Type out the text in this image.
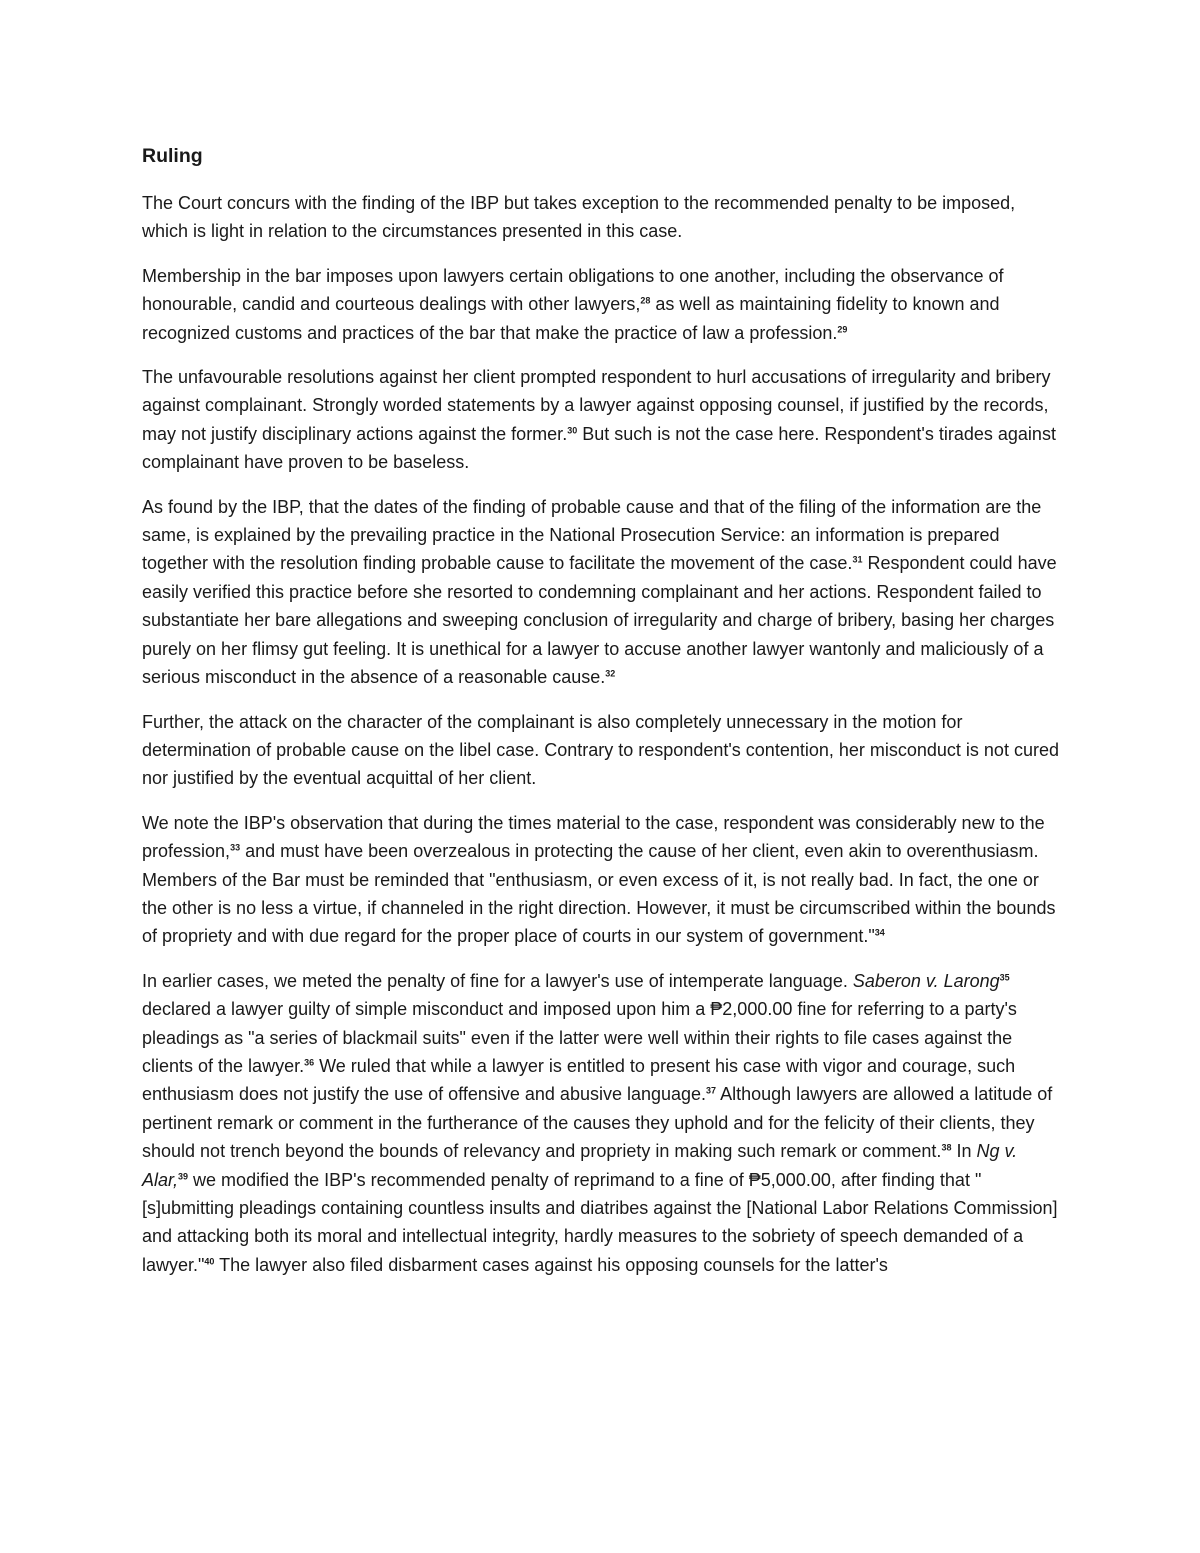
Ruling

The Court concurs with the finding of the IBP but takes exception to the recommended penalty to be imposed, which is light in relation to the circumstances presented in this case.

Membership in the bar imposes upon lawyers certain obligations to one another, including the observance of honourable, candid and courteous dealings with other lawyers,$^{28}$ as well as maintaining fidelity to known and recognized customs and practices of the bar that make the practice of law a profession.$^{29}$

The unfavourable resolutions against her client prompted respondent to hurl accusations of irregularity and bribery against complainant. Strongly worded statements by a lawyer against opposing counsel, if justified by the records, may not justify disciplinary actions against the former.$^{30}$ But such is not the case here. Respondent's tirades against complainant have proven to be baseless.

As found by the IBP, that the dates of the finding of probable cause and that of the filing of the information are the same, is explained by the prevailing practice in the National Prosecution Service: an information is prepared together with the resolution finding probable cause to facilitate the movement of the case.$^{31}$ Respondent could have easily verified this practice before she resorted to condemning complainant and her actions. Respondent failed to substantiate her bare allegations and sweeping conclusion of irregularity and charge of bribery, basing her charges purely on her flimsy gut feeling. It is unethical for a lawyer to accuse another lawyer wantonly and maliciously of a serious misconduct in the absence of a reasonable cause.$^{32}$

Further, the attack on the character of the complainant is also completely unnecessary in the motion for determination of probable cause on the libel case. Contrary to respondent's contention, her misconduct is not cured nor justified by the eventual acquittal of her client.

We note the IBP's observation that during the times material to the case, respondent was considerably new to the profession,$^{33}$ and must have been overzealous in protecting the cause of her client, even akin to overenthusiasm. Members of the Bar must be reminded that "enthusiasm, or even excess of it, is not really bad. In fact, the one or the other is no less a virtue, if channeled in the right direction. However, it must be circumscribed within the bounds of propriety and with due regard for the proper place of courts in our system of government."$^{34}$

In earlier cases, we meted the penalty of fine for a lawyer's use of intemperate language. Saberon v. Larong$^{35}$ declared a lawyer guilty of simple misconduct and imposed upon him a ₱2,000.00 fine for referring to a party's pleadings as "a series of blackmail suits" even if the latter were well within their rights to file cases against the clients of the lawyer.$^{36}$ We ruled that while a lawyer is entitled to present his case with vigor and courage, such enthusiasm does not justify the use of offensive and abusive language.$^{37}$ Although lawyers are allowed a latitude of pertinent remark or comment in the furtherance of the causes they uphold and for the felicity of their clients, they should not trench beyond the bounds of relevancy and propriety in making such remark or comment.$^{38}$ In Ng v. Alar,$^{39}$ we modified the IBP's recommended penalty of reprimand to a fine of ₱5,000.00, after finding that "[s]ubmitting pleadings containing countless insults and diatribes against the [National Labor Relations Commission] and attacking both its moral and intellectual integrity, hardly measures to the sobriety of speech demanded of a lawyer."$^{40}$ The lawyer also filed disbarment cases against his opposing counsels for the latter's
